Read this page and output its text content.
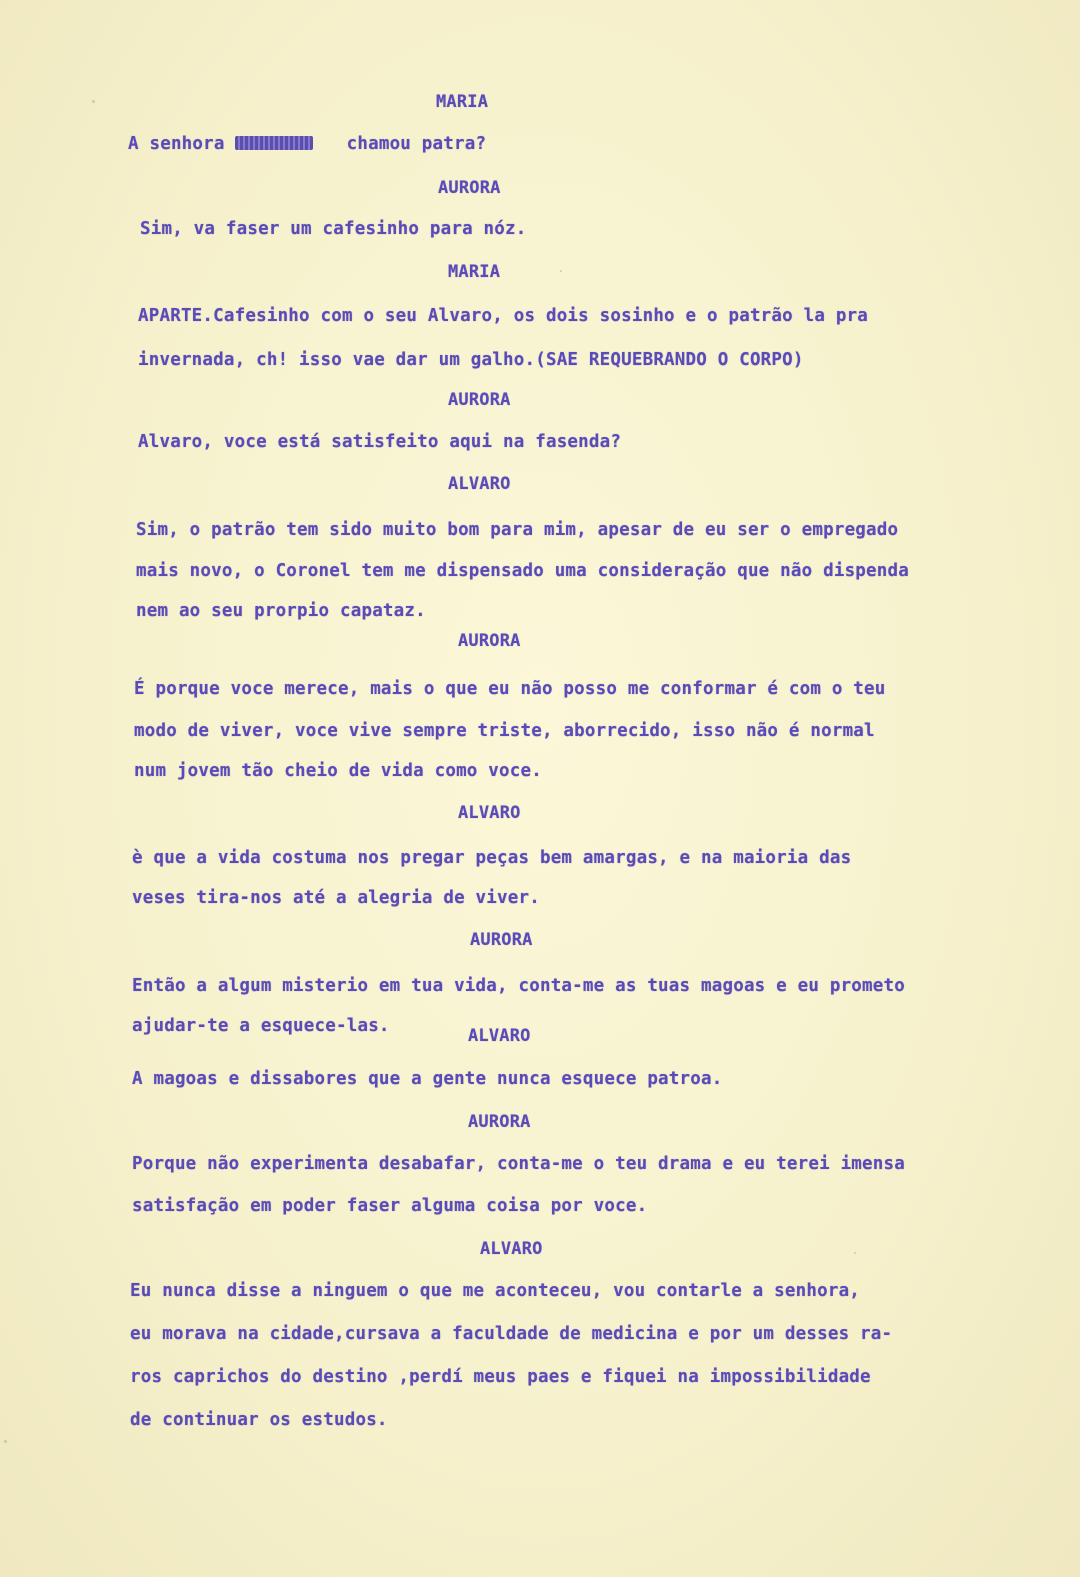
MARIA
A senhora	chamou patra?
AURORA
Sim, va faser um cafesinho para nóz.
MARIA
APARTE.Cafesinho com o seu Alvaro, os dois sosinho e o patrão la pra
invernada, ch! isso vae dar um galho.(SAE REQUEBRANDO O CORPO)
AURORA
Alvaro, voce está satisfeito aqui na fasenda?
ALVARO
Sim, o patrão tem sido muito bom para mim, apesar de eu ser o empregado
mais novo, o Coronel tem me dispensado uma consideração que não dispenda
nem ao seu prorpio capataz.
AURORA
É porque voce merece, mais o que eu não posso me conformar é com o teu
modo de viver, voce vive sempre triste, aborrecido, isso não é normal
num jovem tão cheio de vida como voce.
ALVARO
è que a vida costuma nos pregar peças bem amargas, e na maioria das
veses tira-nos até a alegria de viver.
AURORA
Então a algum misterio em tua vida, conta-me as tuas magoas e eu prometo
ajudar-te a esquece-las.	ALVARO
A magoas e dissabores que a gente nunca esquece patroa.
AURORA
Porque não experimenta desabafar, conta-me o teu drama e eu terei imensa
satisfação em poder faser alguma coisa por voce.
ALVARO
Eu nunca disse a ninguem o que me aconteceu, vou contarle a senhora,
eu morava na cidade,cursava a faculdade de medicina e por um desses ra-
ros caprichos do destino ,perdí meus paes e fiquei na impossibilidade
de continuar os estudos.
